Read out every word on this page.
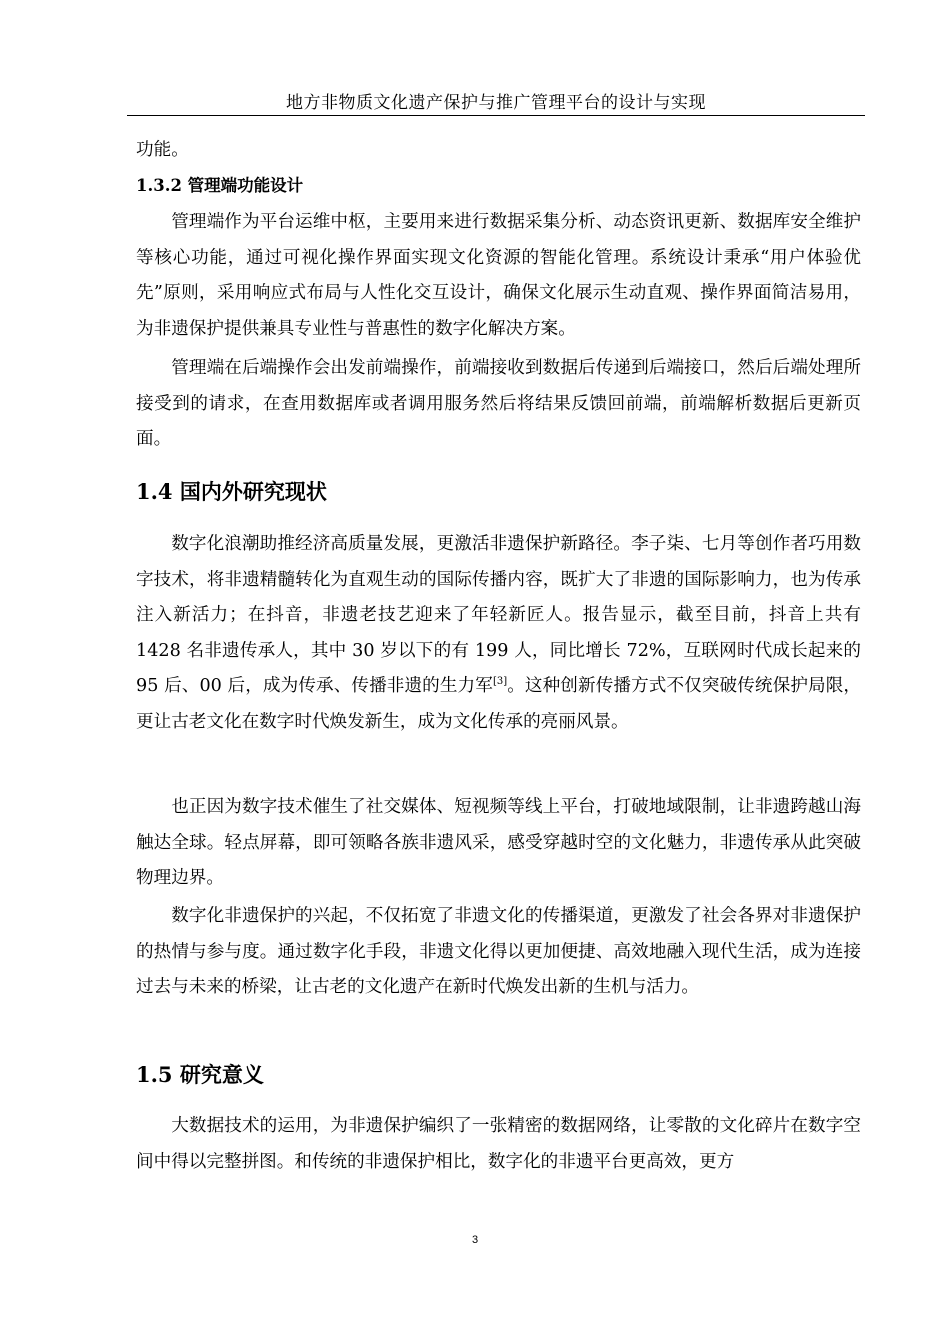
地方非物质文化遗产保护与推广管理平台的设计与实现

功能。

1.3.2 管理端功能设计

管理端作为平台运维中枢，主要用来进行数据采集分析、动态资讯更新、数据库安全维护等核心功能，通过可视化操作界面实现文化资源的智能化管理。系统设计秉承“用户体验优先”原则，采用响应式布局与人性化交互设计，确保文化展示生动直观、操作界面简洁易用，为非遗保护提供兼具专业性与普惠性的数字化解决方案。

管理端在后端操作会出发前端操作，前端接收到数据后传递到后端接口，然后后端处理所接受到的请求，在查用数据库或者调用服务然后将结果反馈回前端，前端解析数据后更新页面。

1.4 国内外研究现状

数字化浪潮助推经济高质量发展，更激活非遗保护新路径。李子柒、七月等创作者巧用数字技术，将非遗精髓转化为直观生动的国际传播内容，既扩大了非遗的国际影响力，也为传承注入新活力；在抖音，非遗老技艺迎来了年轻新匠人。报告显示，截至目前，抖音上共有 1428 名非遗传承人，其中 30 岁以下的有 199 人，同比增长 72%，互联网时代成长起来的 95 后、00 后，成为传承、传播非遗的生力军[3]。这种创新传播方式不仅突破传统保护局限，更让古老文化在数字时代焕发新生，成为文化传承的亮丽风景。

也正因为数字技术催生了社交媒体、短视频等线上平台，打破地域限制，让非遗跨越山海触达全球。轻点屏幕，即可领略各族非遗风采，感受穿越时空的文化魅力，非遗传承从此突破物理边界。

数字化非遗保护的兴起，不仅拓宽了非遗文化的传播渠道，更激发了社会各界对非遗保护的热情与参与度。通过数字化手段，非遗文化得以更加便捷、高效地融入现代生活，成为连接过去与未来的桥梁，让古老的文化遗产在新时代焕发出新的生机与活力。

1.5 研究意义

大数据技术的运用，为非遗保护编织了一张精密的数据网络，让零散的文化碎片在数字空间中得以完整拼图。和传统的非遗保护相比，数字化的非遗平台更高效，更方

3
